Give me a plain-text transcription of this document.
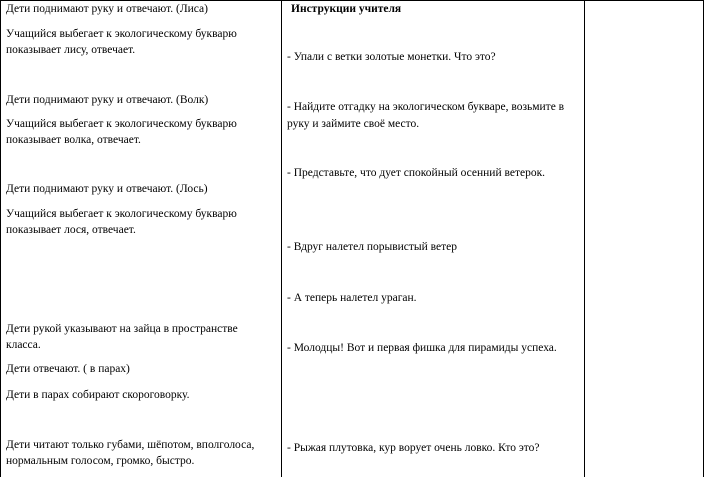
Дети поднимают руку и отвечают. (Лиса)
Учащийся выбегает к экологическому букварю
показывает лису, отвечает.
Дети поднимают руку и отвечают. (Волк)
Учащийся выбегает к экологическому букварю
показывает волка, отвечает.
Дети поднимают руку и отвечают. (Лось)
Учащийся выбегает к экологическому букварю
показывает лося, отвечает.
Дети рукой указывают на зайца в пространстве
класса.
Дети отвечают. ( в парах)
Дети в парах собирают скороговорку.
Дети читают только губами, шёпотом, вполголоса,
нормальным голосом, громко, быстро.
Инструкции учителя
- Упали с ветки золотые монетки. Что это?
- Найдите отгадку на экологическом букваре, возьмите в
руку и займите своё место.
- Представьте, что дует спокойный осенний ветерок.
- Вдруг налетел порывистый ветер
- А теперь налетел ураган.
- Молодцы! Вот и первая фишка для пирамиды успеха.
- Рыжая плутовка, кур ворует очень ловко. Кто это?
